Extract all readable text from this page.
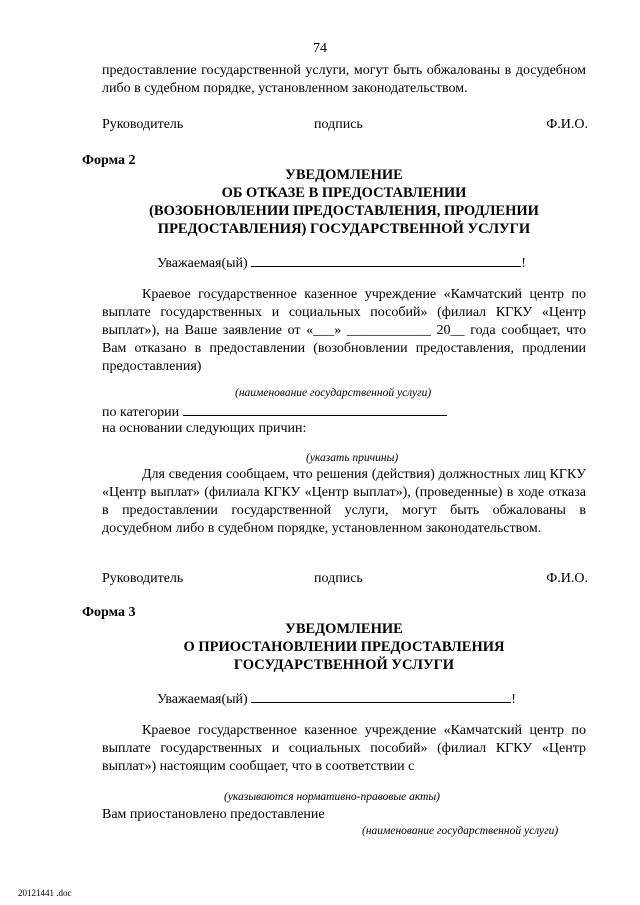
74
предоставление государственной услуги, могут быть обжалованы в досудебном либо в судебном порядке, установленном законодательством.
Руководитель	подпись	Ф.И.О.
Форма 2
УВЕДОМЛЕНИЕ
ОБ ОТКАЗЕ В ПРЕДОСТАВЛЕНИИ
(ВОЗОБНОВЛЕНИИ ПРЕДОСТАВЛЕНИЯ, ПРОДЛЕНИИ
ПРЕДОСТАВЛЕНИЯ) ГОСУДАРСТВЕННОЙ УСЛУГИ
Уважаемая(ый)	!
Краевое государственное казенное учреждение «Камчатский центр по выплате государственных и социальных пособий» (филиал КГКУ «Центр выплат»), на Ваше заявление от «___» ____________ 20__ года сообщает, что Вам отказано в предоставлении (возобновлении предоставления, продлении предоставления)
(наименование государственной услуги)
по категории
на основании следующих причин:
(указать причины)
Для сведения сообщаем, что решения (действия) должностных лиц КГКУ «Центр выплат» (филиала КГКУ «Центр выплат»), (проведенные) в ходе отказа в предоставлении государственной услуги, могут быть обжалованы в досудебном либо в судебном порядке, установленном законодательством.
Руководитель	подпись	Ф.И.О.
Форма 3
УВЕДОМЛЕНИЕ
О ПРИОСТАНОВЛЕНИИ ПРЕДОСТАВЛЕНИЯ
ГОСУДАРСТВЕННОЙ УСЛУГИ
Уважаемая(ый)	!
Краевое государственное казенное учреждение «Камчатский центр по выплате государственных и социальных пособий» (филиал КГКУ «Центр выплат») настоящим сообщает, что в соответствии с
(указываются нормативно-правовые акты)
Вам приостановлено предоставление
(наименование государственной услуги)
20121441 .doc
